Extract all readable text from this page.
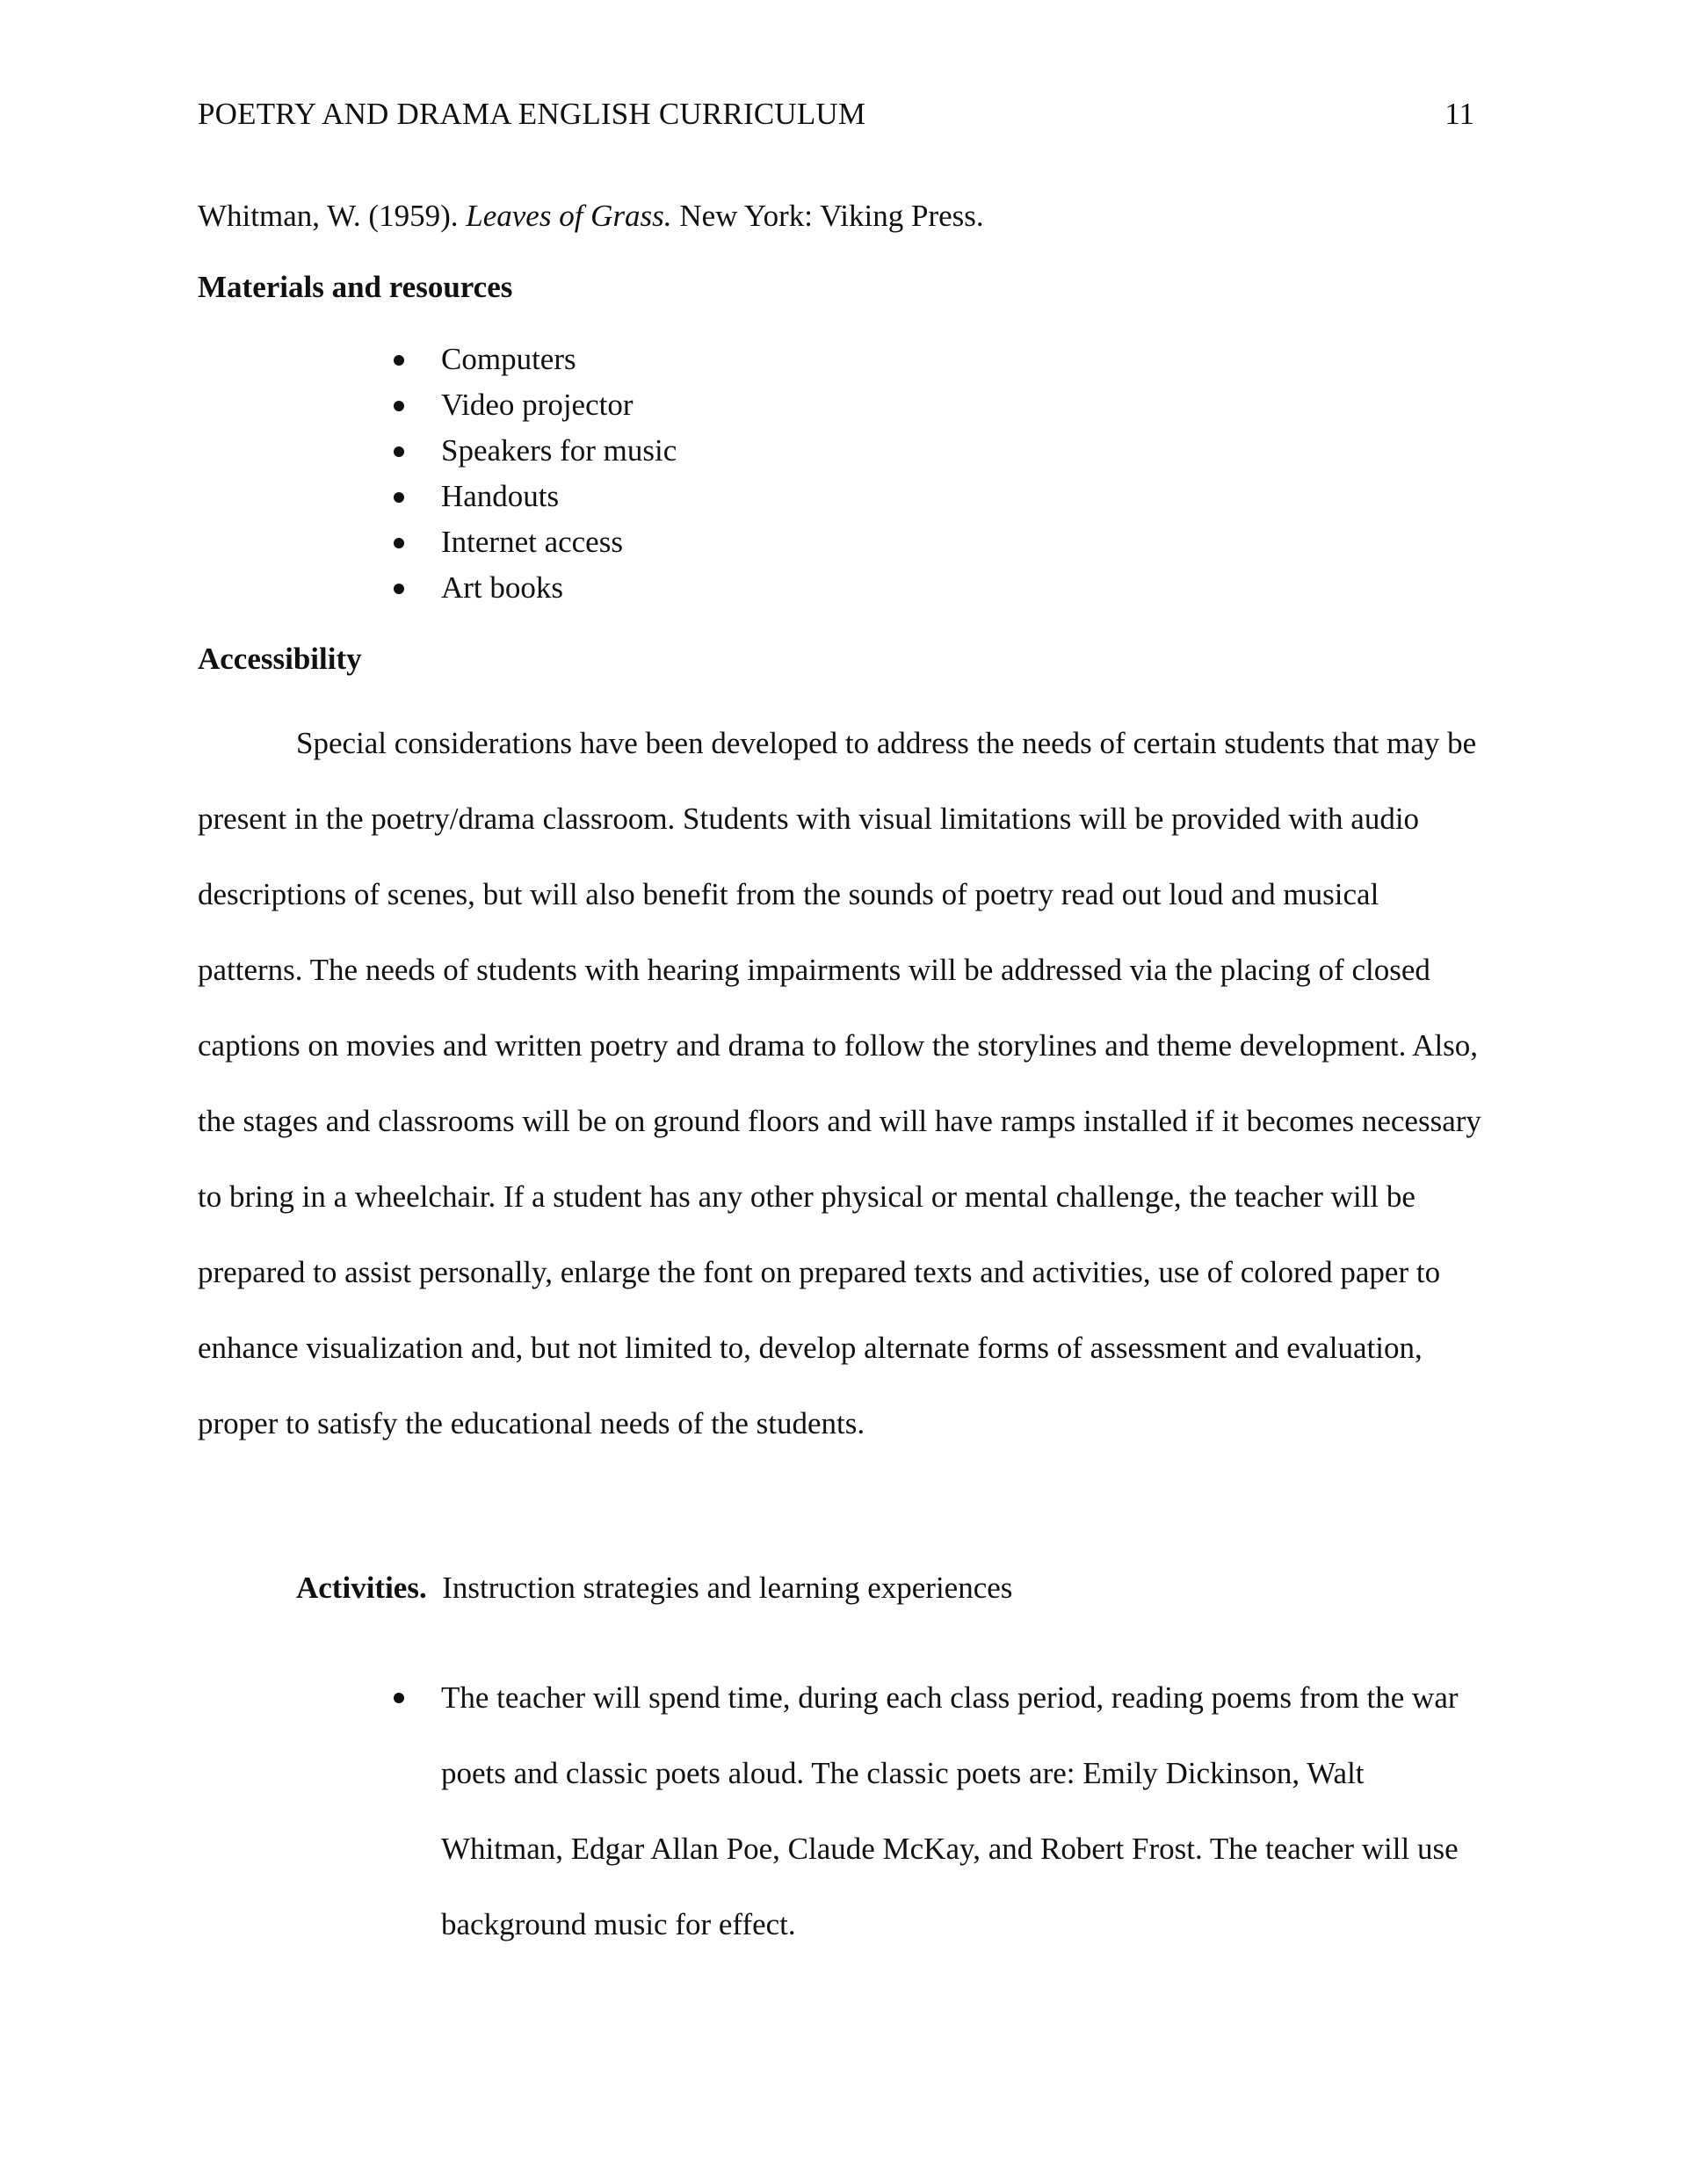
POETRY AND DRAMA ENGLISH CURRICULUM	11
Whitman, W. (1959). Leaves of Grass. New York: Viking Press.
Materials and resources
Computers
Video projector
Speakers for music
Handouts
Internet access
Art books
Accessibility

Special considerations have been developed to address the needs of certain students that may be present in the poetry/drama classroom. Students with visual limitations will be provided with audio descriptions of scenes, but will also benefit from the sounds of poetry read out loud and musical patterns. The needs of students with hearing impairments will be addressed via the placing of closed captions on movies and written poetry and drama to follow the storylines and theme development. Also, the stages and classrooms will be on ground floors and will have ramps installed if it becomes necessary to bring in a wheelchair. If a student has any other physical or mental challenge, the teacher will be prepared to assist personally, enlarge the font on prepared texts and activities, use of colored paper to enhance visualization and, but not limited to, develop alternate forms of assessment and evaluation, proper to satisfy the educational needs of the students.

Activities.  Instruction strategies and learning experiences
The teacher will spend time, during each class period, reading poems from the war poets and classic poets aloud. The classic poets are: Emily Dickinson, Walt Whitman, Edgar Allan Poe, Claude McKay, and Robert Frost. The teacher will use background music for effect.
